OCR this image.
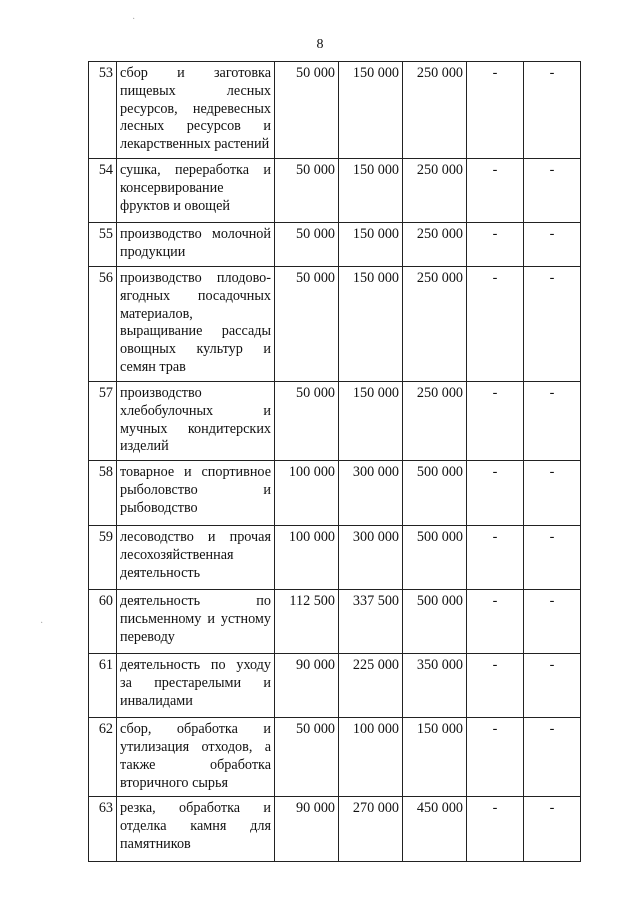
8
·
·
53	сбор и заготовка пищевых лесных ресурсов, недревесных лесных ресурсов и лекарственных растений	50 000	150 000	250 000	-	-
54	сушка, переработка и консервирование фруктов и овощей	50 000	150 000	250 000	-	-
55	производство молочной продукции	50 000	150 000	250 000	-	-
56	производство плодово-ягодных посадочных материалов, выращивание рассады овощных культур и семян трав	50 000	150 000	250 000	-	-
57	производство хлебобулочных и мучных кондитерских изделий	50 000	150 000	250 000	-	-
58	товарное и спортивное рыболовство и рыбоводство	100 000	300 000	500 000	-	-
59	лесоводство и прочая лесохозяйственная деятельность	100 000	300 000	500 000	-	-
60	деятельность по письменному и устному переводу	112 500	337 500	500 000	-	-
61	деятельность по уходу за престарелыми и инвалидами	90 000	225 000	350 000	-	-
62	сбор, обработка и утилизация отходов, а также обработка вторичного сырья	50 000	100 000	150 000	-	-
63	резка, обработка и отделка камня для памятников	90 000	270 000	450 000	-	-
